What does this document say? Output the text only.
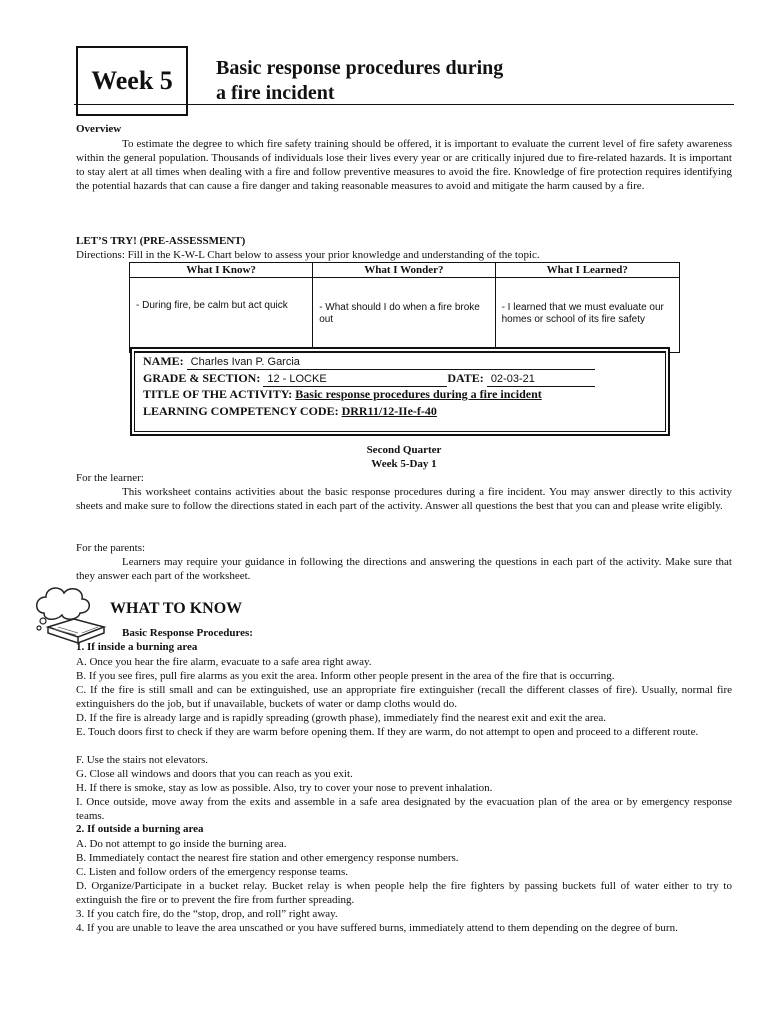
Week 5	Basic response procedures during
a fire incident
Overview
To estimate the degree to which fire safety training should be offered, it is important to evaluate the current level of fire safety awareness within the general population. Thousands of individuals lose their lives every year or are critically injured due to fire-related hazards. It is important to stay alert at all times when dealing with a fire and follow preventive measures to avoid the fire. Knowledge of fire protection requires identifying the potential hazards that can cause a fire danger and taking reasonable measures to avoid and mitigate the harm caused by a fire.
LET’S TRY! (PRE-ASSESSMENT)
Directions: Fill in the K-W-L Chart below to assess your prior knowledge and understanding of the topic.
What I Know?	What I Wonder?	What I Learned?
- During fire, be calm but act quick	- What should I do when a fire broke out	- I learned that we must evaluate our homes or school of its fire safety
NAME: Charles Ivan P. Garcia
GRADE & SECTION: 12 - LOCKE	DATE: 02-03-21
TITLE OF THE ACTIVITY: Basic response procedures during a fire incident
LEARNING COMPETENCY CODE: DRR11/12-IIe-f-40
Second Quarter
Week 5-Day 1
For the learner:
This worksheet contains activities about the basic response procedures during a fire incident. You may answer directly to this activity sheets and make sure to follow the directions stated in each part of the activity. Answer all questions the best that you can and please write eligibly.
For the parents:
Learners may require your guidance in following the directions and answering the questions in each part of the activity. Make sure that they answer each part of the worksheet.
WHAT TO KNOW
Basic Response Procedures:
1. If inside a burning area
A. Once you hear the fire alarm, evacuate to a safe area right away.
B. If you see fires, pull fire alarms as you exit the area. Inform other people present in the area of the fire that is occurring.
C. If the fire is still small and can be extinguished, use an appropriate fire extinguisher (recall the different classes of fire). Usually, normal fire extinguishers do the job, but if unavailable, buckets of water or damp cloths would do.
D. If the fire is already large and is rapidly spreading (growth phase), immediately find the nearest exit and exit the area.
E. Touch doors first to check if they are warm before opening them. If they are warm, do not attempt to open and proceed to a different route.
F. Use the stairs not elevators.
G. Close all windows and doors that you can reach as you exit.
H. If there is smoke, stay as low as possible. Also, try to cover your nose to prevent inhalation.
I. Once outside, move away from the exits and assemble in a safe area designated by the evacuation plan of the area or by emergency response teams.
2. If outside a burning area
A. Do not attempt to go inside the burning area.
B. Immediately contact the nearest fire station and other emergency response numbers.
C. Listen and follow orders of the emergency response teams.
D. Organize/Participate in a bucket relay. Bucket relay is when people help the fire fighters by passing buckets full of water either to try to extinguish the fire or to prevent the fire from further spreading.
3. If you catch fire, do the “stop, drop, and roll” right away.
4. If you are unable to leave the area unscathed or you have suffered burns, immediately attend to them depending on the degree of burn.
